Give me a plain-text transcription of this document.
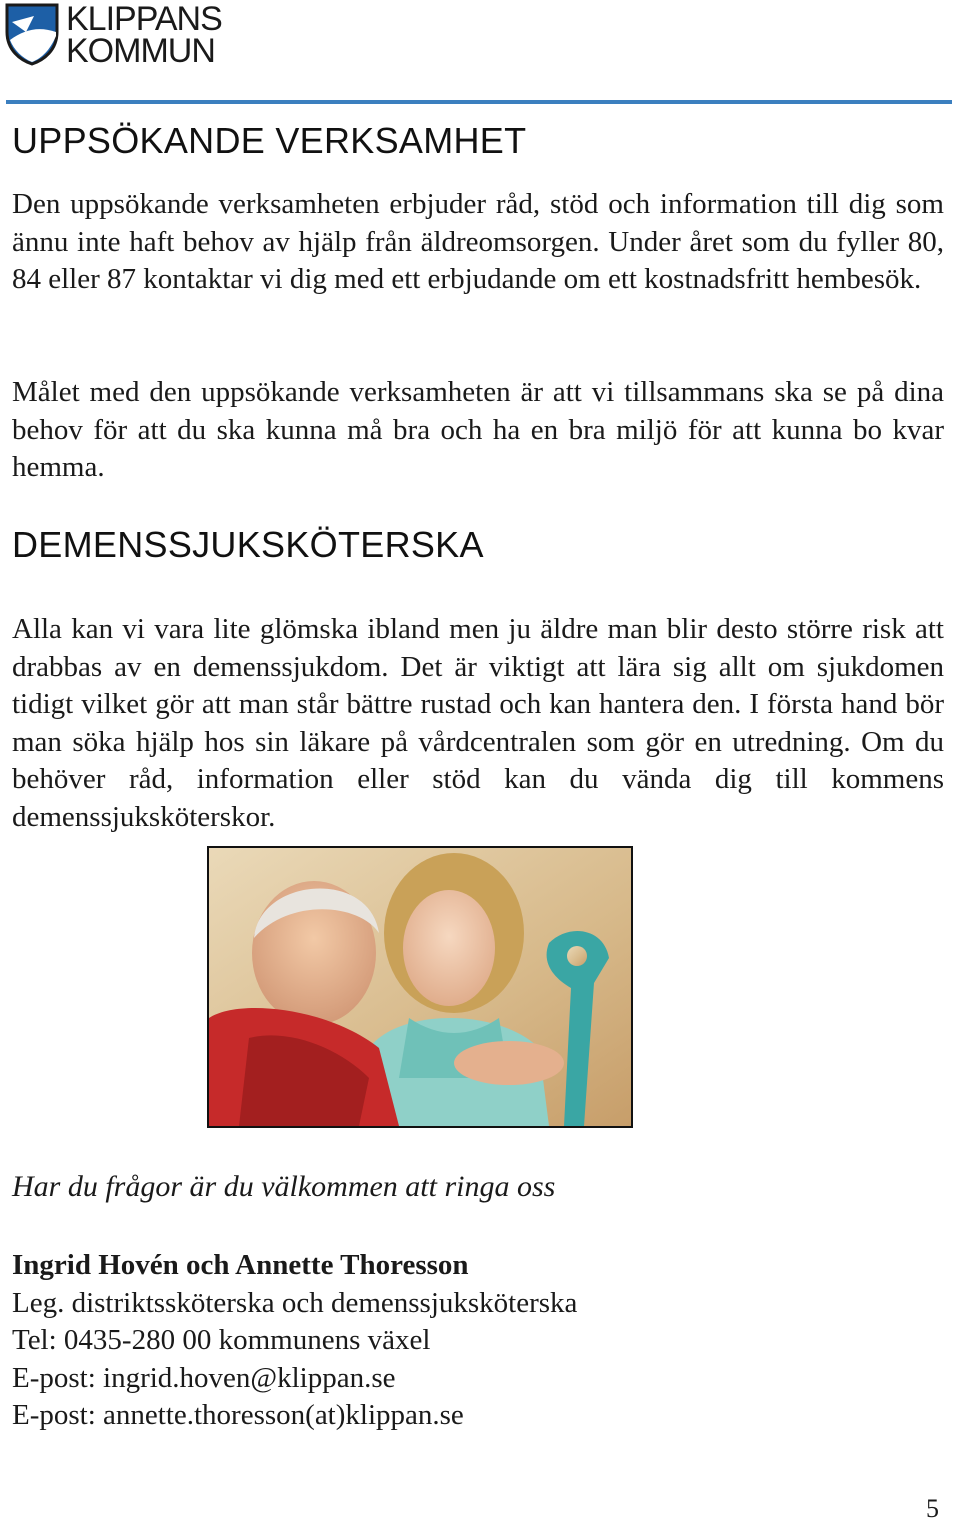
KLIPPANS
KOMMUN
UPPSÖKANDE VERKSAMHET

Den uppsökande verksamheten erbjuder råd, stöd och information till dig som ännu inte haft behov av hjälp från äldreomsorgen. Under året som du fyller 80, 84 eller 87 kontaktar vi dig med ett erbjudande om ett kostnadsfritt hembesök.

Målet med den uppsökande verksamheten är att vi tillsammans ska se på dina behov för att du ska kunna må bra och ha en bra miljö för att kunna bo kvar hemma.

DEMENSSJUKSKÖTERSKA

Alla kan vi vara lite glömska ibland men ju äldre man blir desto större risk att drabbas av en demenssjukdom. Det är viktigt att lära sig allt om sjukdomen tidigt vilket gör att man står bättre rustad och kan hantera den. I första hand bör man söka hjälp hos sin läkare på vårdcentralen som gör en utredning. Om du behöver råd, information eller stöd kan du vända dig till kommens demenssjuksköterskor.

Har du frågor är du välkommen att ringa oss

Ingrid Hovén och Annette Thoresson
Leg. distriktssköterska och demenssjuksköterska
Tel: 0435-280 00 kommunens växel
E-post: ingrid.hoven@klippan.se
E-post: annette.thoresson(at)klippan.se
5
